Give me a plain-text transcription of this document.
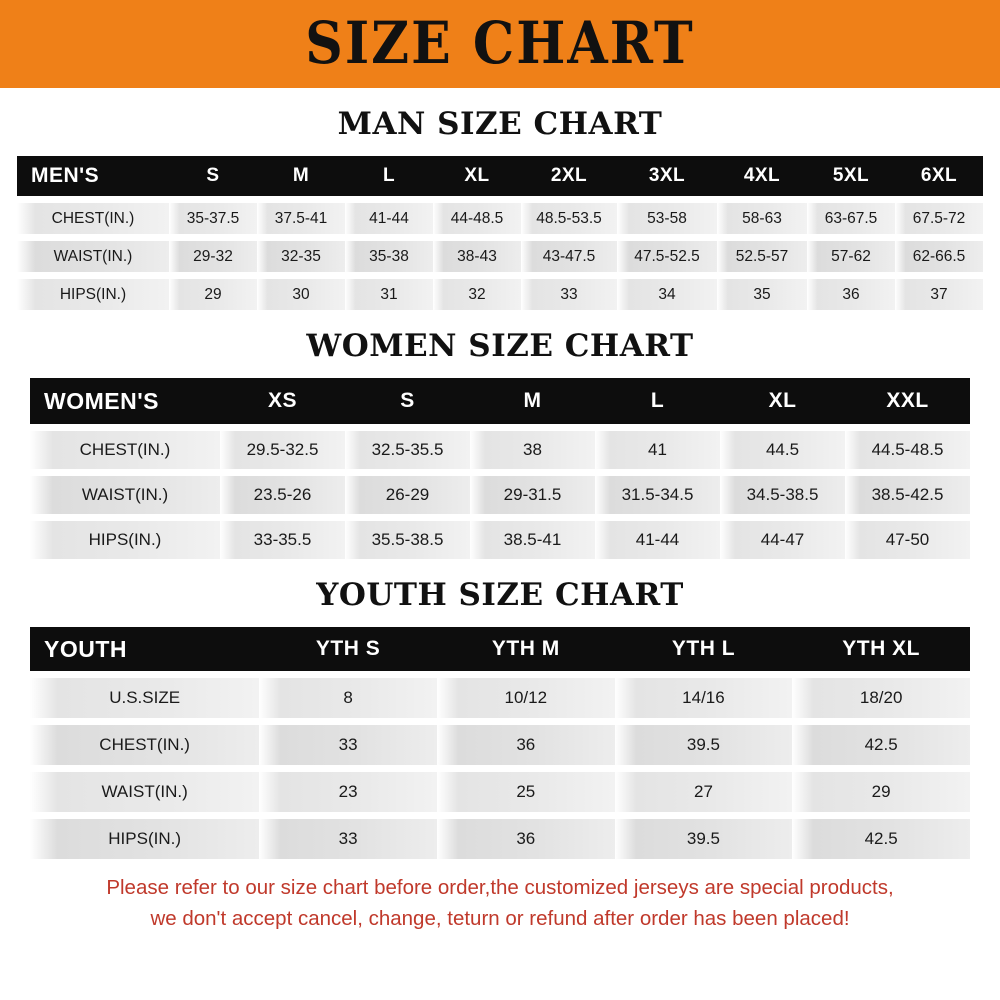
SIZE CHART
MAN SIZE CHART
MEN'S	S	M	L	XL	2XL	3XL	4XL	5XL	6XL

CHEST(IN.)	35-37.5	37.5-41	41-44	44-48.5	48.5-53.5	53-58	58-63	63-67.5	67.5-72

WAIST(IN.)	29-32	32-35	35-38	38-43	43-47.5	47.5-52.5	52.5-57	57-62	62-66.5

HIPS(IN.)	29	30	31	32	33	34	35	36	37
WOMEN SIZE CHART
WOMEN'S	XS	S	M	L	XL	XXL

CHEST(IN.)	29.5-32.5	32.5-35.5	38	41	44.5	44.5-48.5

WAIST(IN.)	23.5-26	26-29	29-31.5	31.5-34.5	34.5-38.5	38.5-42.5

HIPS(IN.)	33-35.5	35.5-38.5	38.5-41	41-44	44-47	47-50
YOUTH SIZE CHART
YOUTH	YTH S	YTH M	YTH L	YTH XL

U.S.SIZE	8	10/12	14/16	18/20

CHEST(IN.)	33	36	39.5	42.5

WAIST(IN.)	23	25	27	29

HIPS(IN.)	33	36	39.5	42.5
Please refer to our size chart before order,the customized jerseys are special products,
we don't accept cancel, change, teturn or refund after order has been placed!
